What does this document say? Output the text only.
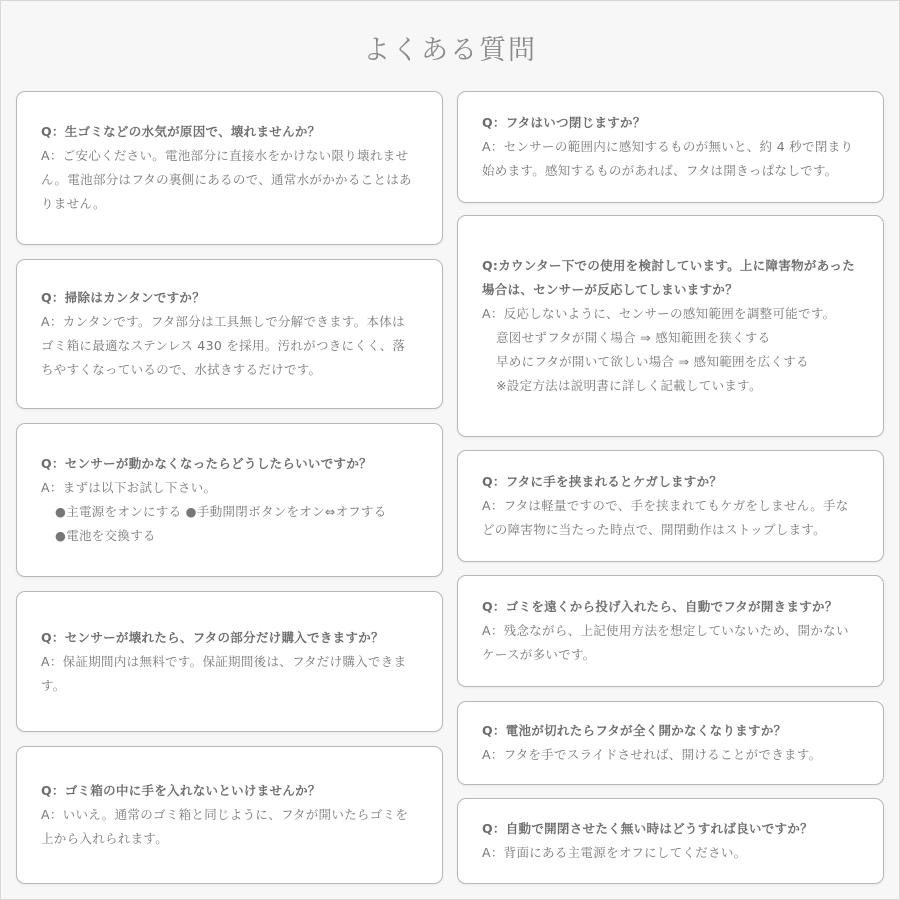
よくある質問
Q：生ゴミなどの水気が原因で、壊れませんか？
A：ご安心ください。電池部分に直接水をかけない限り壊れません。電池部分はフタの裏側にあるので、通常水がかかることはありません。
Q：掃除はカンタンですか？
A：カンタンです。フタ部分は工具無しで分解できます。本体はゴミ箱に最適なステンレス 430 を採用。汚れがつきにくく、落ちやすくなっているので、水拭きするだけです。
Q：センサーが動かなくなったらどうしたらいいですか？
A：まずは以下お試し下さい。
●主電源をオンにする ●手動開閉ボタンをオン⇔オフする
●電池を交換する
Q：センサーが壊れたら、フタの部分だけ購入できますか？
A：保証期間内は無料です。保証期間後は、フタだけ購入できます。
Q：ゴミ箱の中に手を入れないといけませんか？
A：いいえ。通常のゴミ箱と同じように、フタが開いたらゴミを上から入れられます。
Q：フタはいつ閉じますか？
A：センサーの範囲内に感知するものが無いと、約 4 秒で閉まり始めます。感知するものがあれば、フタは開きっぱなしです。
Q:カウンター下での使用を検討しています。上に障害物があった場合は、センサーが反応してしまいますか？
A：反応しないように、センサーの感知範囲を調整可能です。
意図せずフタが開く場合 ⇒ 感知範囲を狭くする
早めにフタが開いて欲しい場合 ⇒ 感知範囲を広くする
※設定方法は説明書に詳しく記載しています。
Q：フタに手を挟まれるとケガしますか？
A：フタは軽量ですので、手を挟まれてもケガをしません。手などの障害物に当たった時点で、開閉動作はストップします。
Q：ゴミを遠くから投げ入れたら、自動でフタが開きますか？
A：残念ながら、上記使用方法を想定していないため、開かないケースが多いです。
Q：電池が切れたらフタが全く開かなくなりますか？
A：フタを手でスライドさせれば、開けることができます。
Q：自動で開閉させたく無い時はどうすれば良いですか？
A：背面にある主電源をオフにしてください。
